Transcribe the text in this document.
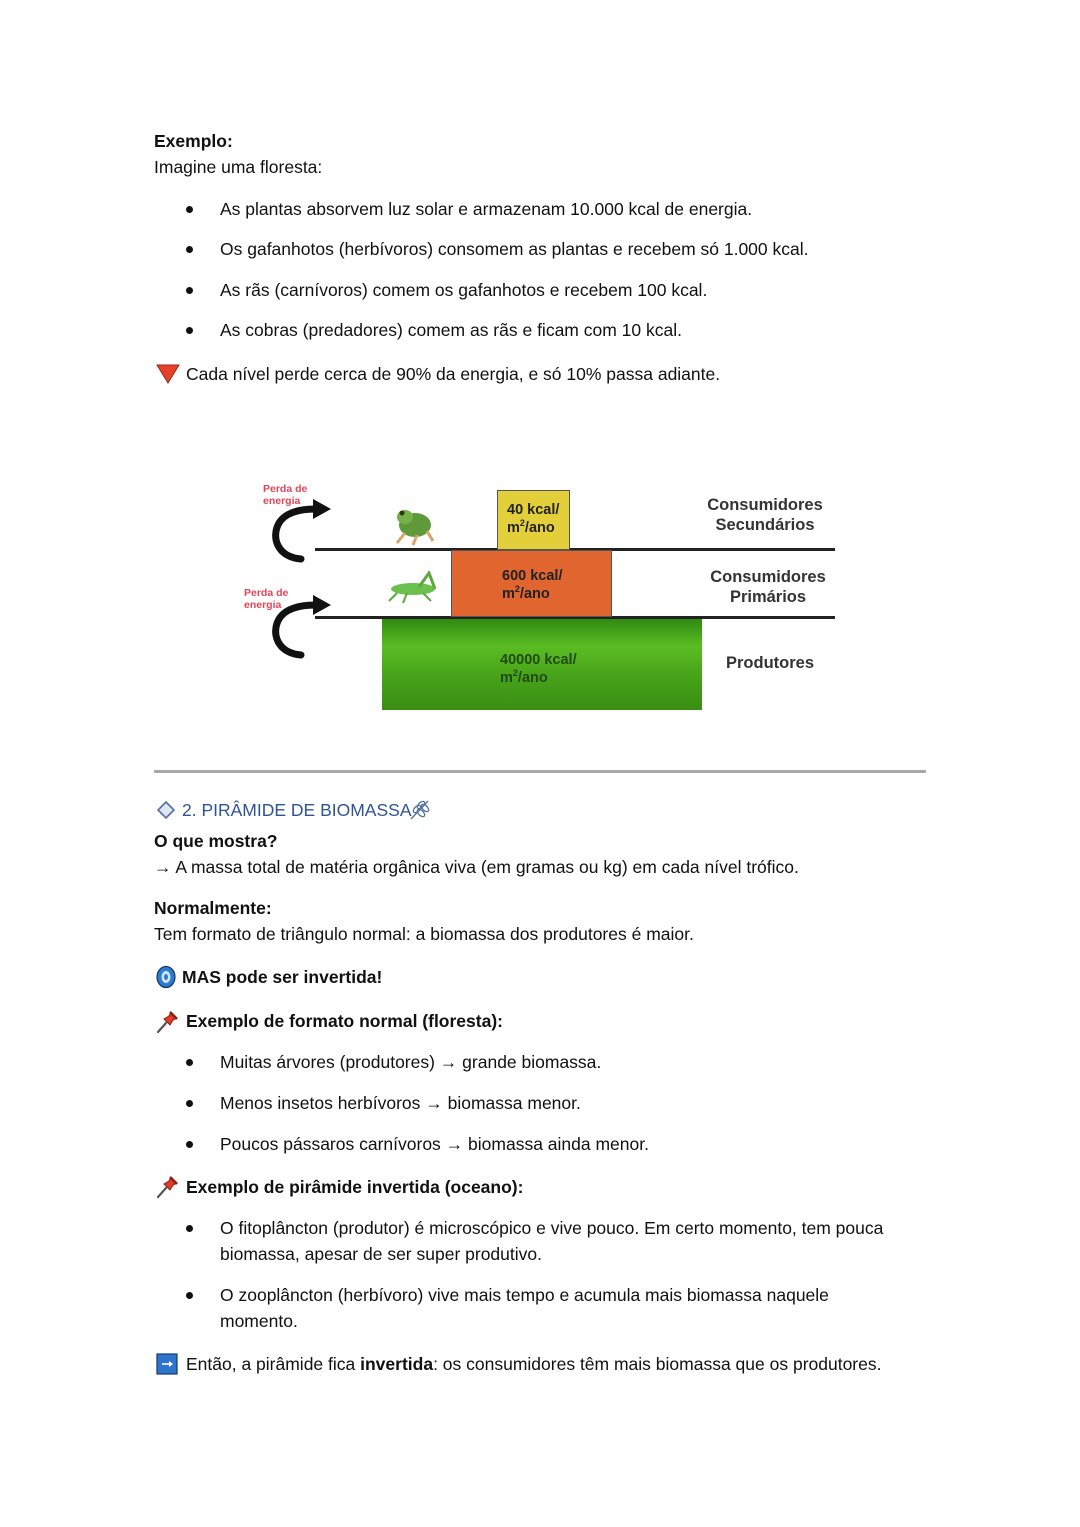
Exemplo:
Imagine uma floresta:
As plantas absorvem luz solar e armazenam 10.000 kcal de energia.
Os gafanhotos (herbívoros) consomem as plantas e recebem só 1.000 kcal.
As rãs (carnívoros) comem os gafanhotos e recebem 100 kcal.
As cobras (predadores) comem as rãs e ficam com 10 kcal.
Cada nível perde cerca de 90% da energia, e só 10% passa adiante.
Perda de
energia
Perda de
energia
40 kcal/
$m^2$/ano
600 kcal/
$m^2$/ano
40000 kcal/
$m^2$/ano
Consumidores
Secundários
Consumidores
Primários
Produtores
2. PIRÂMIDE DE BIOMASSA
O que mostra?
→ A massa total de matéria orgânica viva (em gramas ou kg) em cada nível trófico.
Normalmente:
Tem formato de triângulo normal: a biomassa dos produtores é maior.
MAS pode ser invertida!
Exemplo de formato normal (floresta):
Muitas árvores (produtores) → grande biomassa.
Menos insetos herbívoros → biomassa menor.
Poucos pássaros carnívoros → biomassa ainda menor.
Exemplo de pirâmide invertida (oceano):
O fitoplâncton (produtor) é microscópico e vive pouco. Em certo momento, tem pouca
biomassa, apesar de ser super produtivo.
O zooplâncton (herbívoro) vive mais tempo e acumula mais biomassa naquele
momento.
Então, a pirâmide fica invertida: os consumidores têm mais biomassa que os produtores.
